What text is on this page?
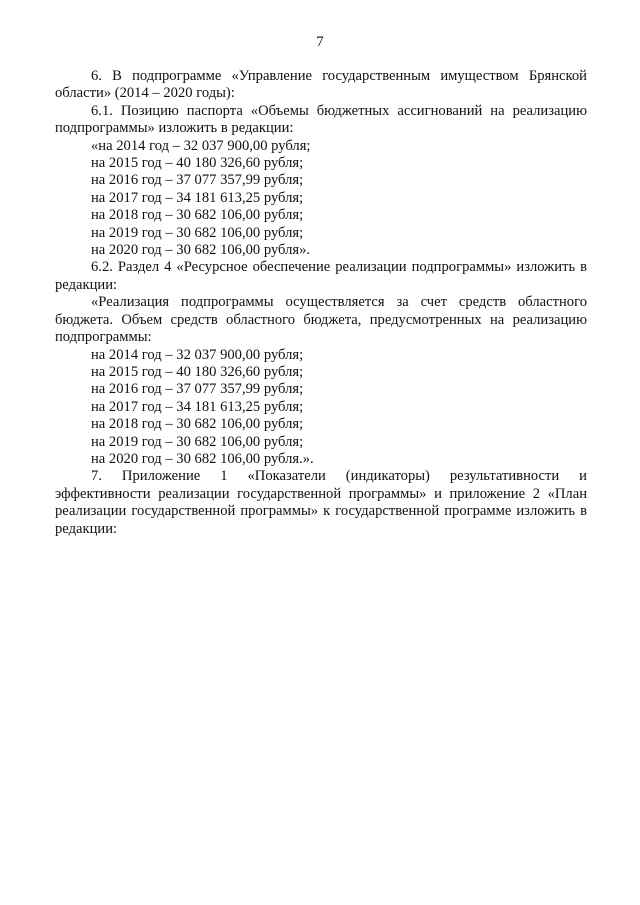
7

6. В подпрограмме «Управление государственным имуществом Брянской области» (2014 – 2020 годы):

6.1. Позицию паспорта «Объемы бюджетных ассигнований на реализацию подпрограммы» изложить в редакции:

«на 2014 год – 32 037 900,00 рубля;
на 2015 год – 40 180 326,60 рубля;
на 2016 год – 37 077 357,99 рубля;
на 2017 год – 34 181 613,25 рубля;
на 2018 год – 30 682 106,00 рубля;
на 2019 год – 30 682 106,00 рубля;
на 2020 год – 30 682 106,00 рубля».

6.2. Раздел 4 «Ресурсное обеспечение реализации подпрограммы» изложить в редакции:

«Реализация подпрограммы осуществляется за счет средств областного бюджета. Объем средств областного бюджета, предусмотренных на реализацию подпрограммы:

на 2014 год – 32 037 900,00 рубля;
на 2015 год – 40 180 326,60 рубля;
на 2016 год – 37 077 357,99 рубля;
на 2017 год – 34 181 613,25 рубля;
на 2018 год – 30 682 106,00 рубля;
на 2019 год – 30 682 106,00 рубля;
на 2020 год – 30 682 106,00 рубля.».

7. Приложение 1 «Показатели (индикаторы) результативности и эффективности реализации государственной программы» и приложение 2 «План реализации государственной программы» к государственной программе изложить в редакции:
